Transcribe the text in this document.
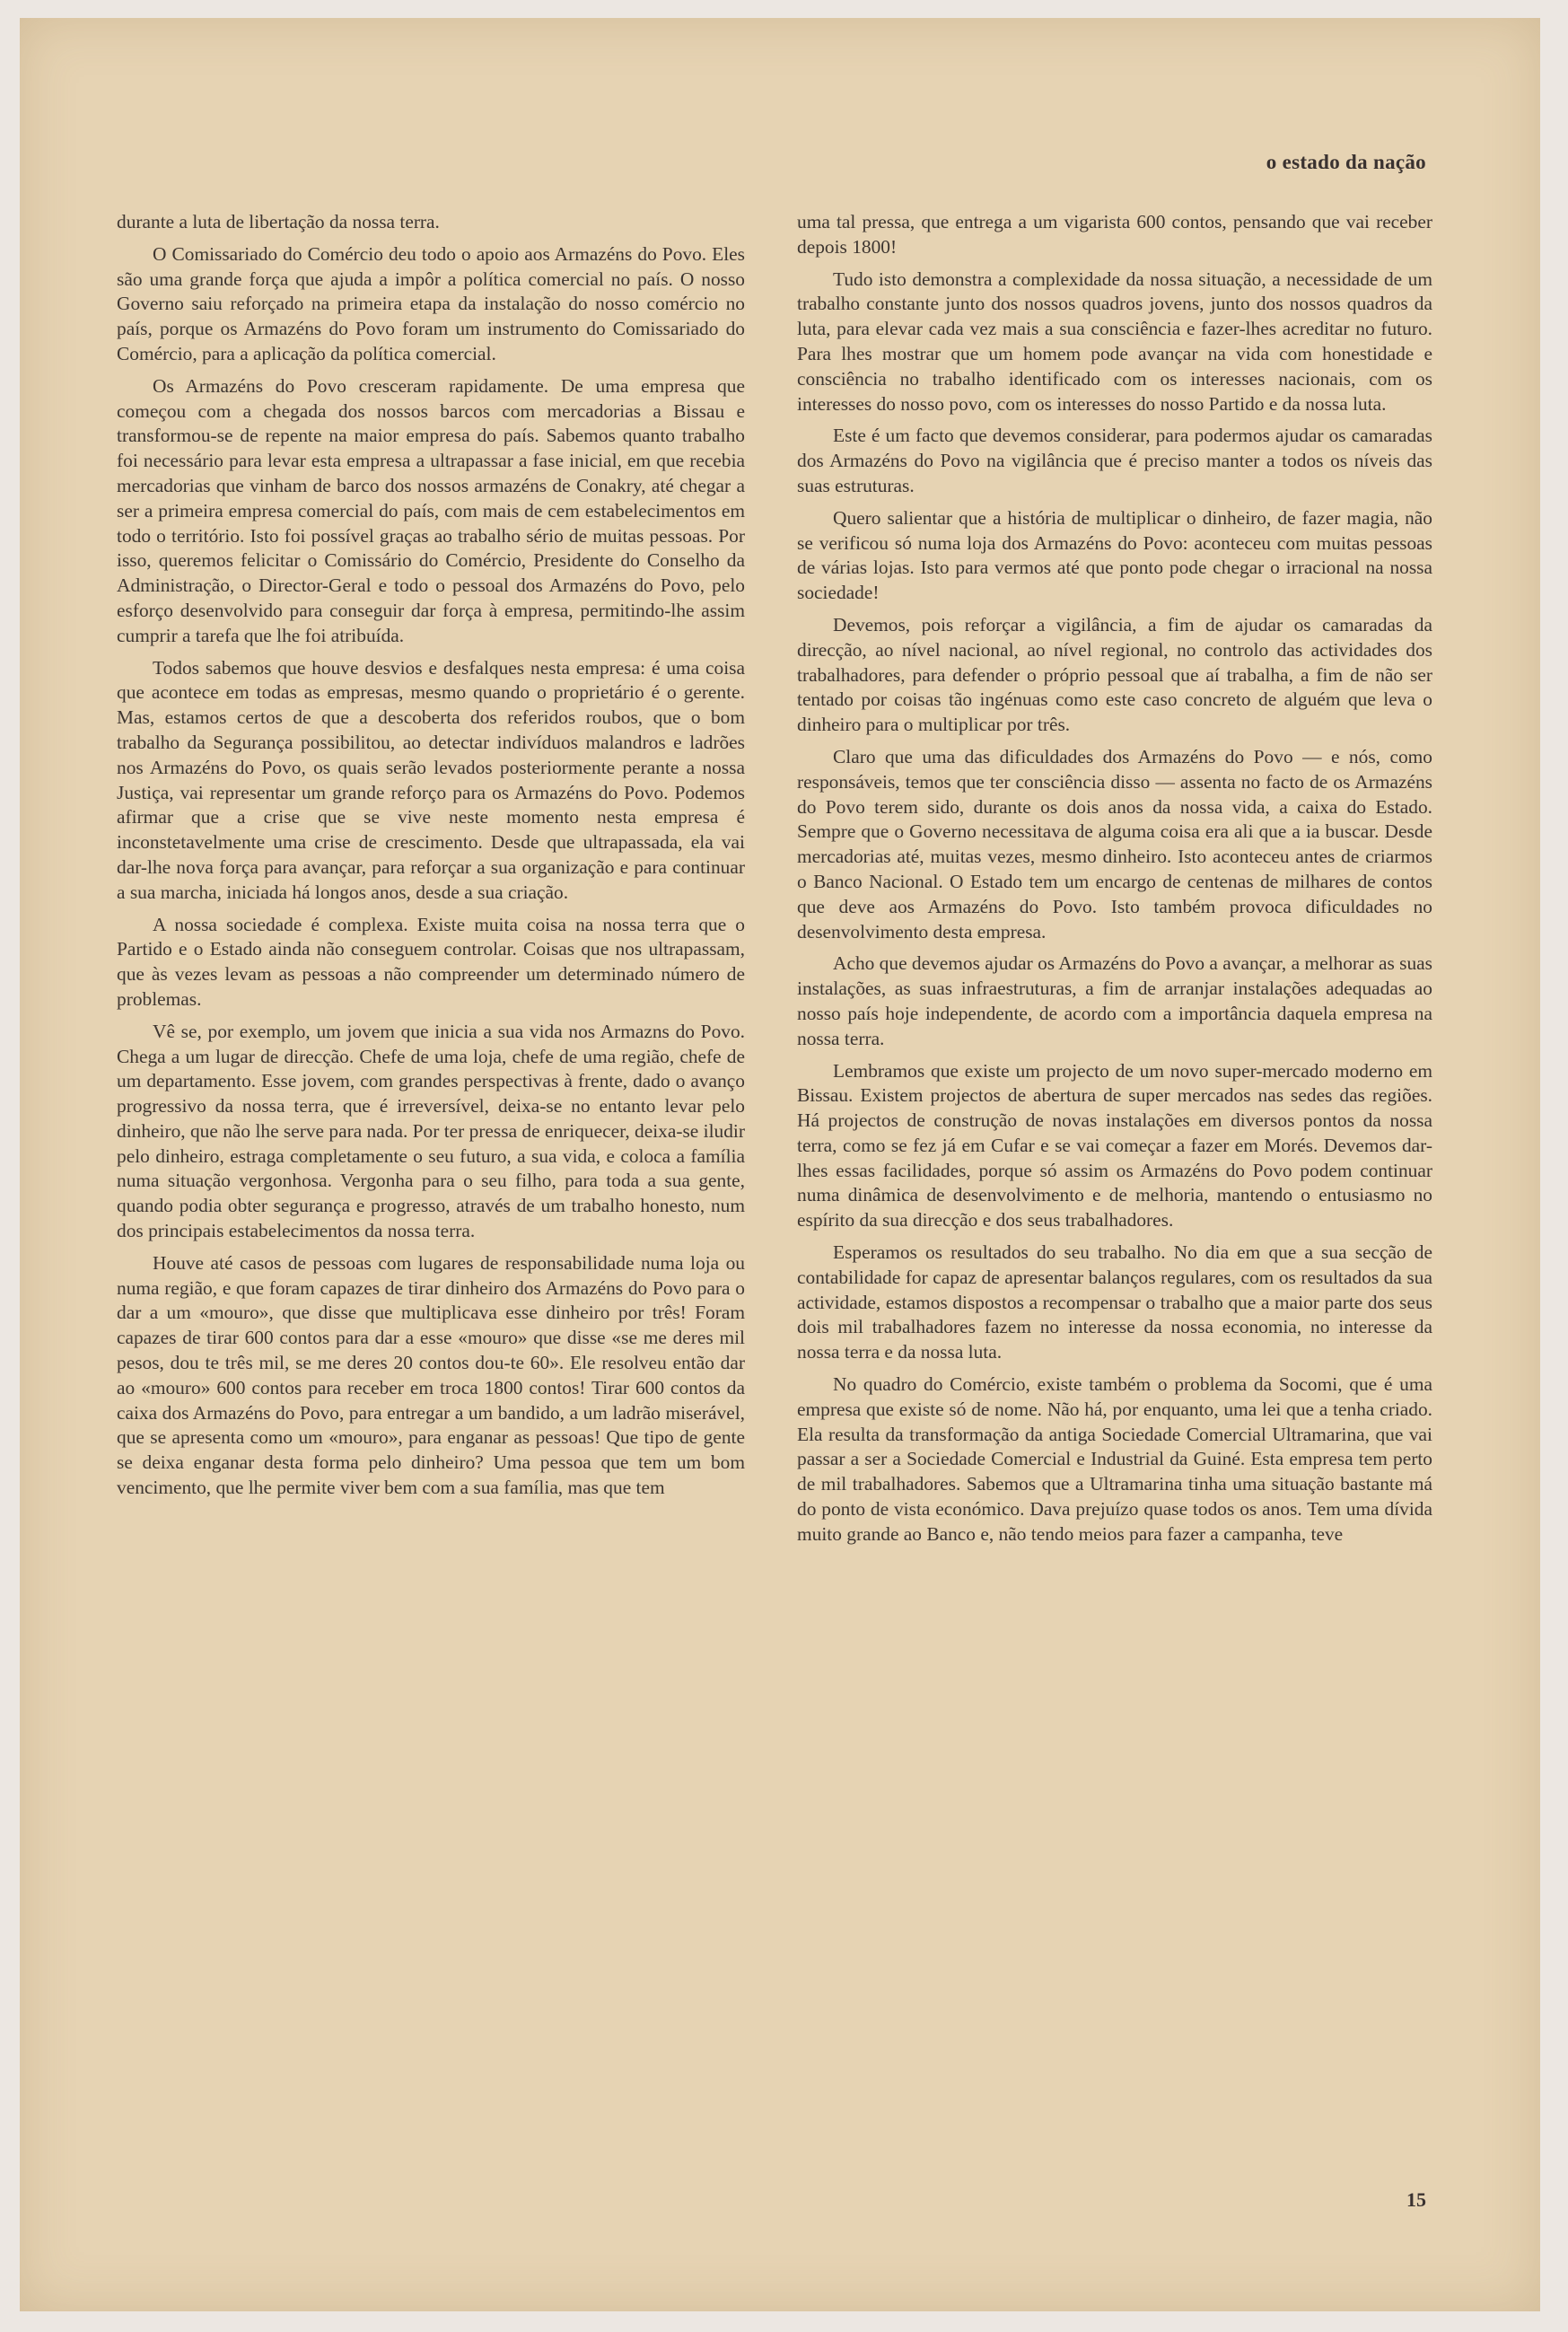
o estado da nação

durante a luta de libertação da nossa terra.

O Comissariado do Comércio deu todo o apoio aos Armazéns do Povo. Eles são uma grande força que ajuda a impôr a política comercial no país. O nosso Governo saiu reforçado na primeira etapa da instalação do nosso comércio no país, porque os Armazéns do Povo foram um instrumento do Comissariado do Comércio, para a aplicação da política comercial.

Os Armazéns do Povo cresceram rapidamente. De uma empresa que começou com a chegada dos nossos barcos com mercadorias a Bissau e transformou-se de repente na maior empresa do país. Sabemos quanto trabalho foi necessário para levar esta empresa a ultrapassar a fase inicial, em que recebia mercadorias que vinham de barco dos nossos armazéns de Conakry, até chegar a ser a primeira empresa comercial do país, com mais de cem estabelecimentos em todo o território. Isto foi possível graças ao trabalho sério de muitas pessoas. Por isso, queremos felicitar o Comissário do Comércio, Presidente do Conselho da Administração, o Director-Geral e todo o pessoal dos Armazéns do Povo, pelo esforço desenvolvido para conseguir dar força à empresa, permitindo-lhe assim cumprir a tarefa que lhe foi atribuída.

Todos sabemos que houve desvios e desfalques nesta empresa: é uma coisa que acontece em todas as empresas, mesmo quando o proprietário é o gerente. Mas, estamos certos de que a descoberta dos referidos roubos, que o bom trabalho da Segurança possibilitou, ao detectar indivíduos malandros e ladrões nos Armazéns do Povo, os quais serão levados posteriormente perante a nossa Justiça, vai representar um grande reforço para os Armazéns do Povo. Podemos afirmar que a crise que se vive neste momento nesta empresa é inconstetavelmente uma crise de crescimento. Desde que ultrapassada, ela vai dar-lhe nova força para avançar, para reforçar a sua organização e para continuar a sua marcha, iniciada há longos anos, desde a sua criação.

A nossa sociedade é complexa. Existe muita coisa na nossa terra que o Partido e o Estado ainda não conseguem controlar. Coisas que nos ultrapassam, que às vezes levam as pessoas a não compreender um determinado número de problemas.

Vê se, por exemplo, um jovem que inicia a sua vida nos Armazns do Povo. Chega a um lugar de direcção. Chefe de uma loja, chefe de uma região, chefe de um departamento. Esse jovem, com grandes perspectivas à frente, dado o avanço progressivo da nossa terra, que é irreversível, deixa-se no entanto levar pelo dinheiro, que não lhe serve para nada. Por ter pressa de enriquecer, deixa-se iludir pelo dinheiro, estraga completamente o seu futuro, a sua vida, e coloca a família numa situação vergonhosa. Vergonha para o seu filho, para toda a sua gente, quando podia obter segurança e progresso, através de um trabalho honesto, num dos principais estabelecimentos da nossa terra.

Houve até casos de pessoas com lugares de responsabilidade numa loja ou numa região, e que foram capazes de tirar dinheiro dos Armazéns do Povo para o dar a um «mouro», que disse que multiplicava esse dinheiro por três! Foram capazes de tirar 600 contos para dar a esse «mouro» que disse «se me deres mil pesos, dou te três mil, se me deres 20 contos dou-te 60». Ele resolveu então dar ao «mouro» 600 contos para receber em troca 1800 contos! Tirar 600 contos da caixa dos Armazéns do Povo, para entregar a um bandido, a um ladrão miserável, que se apresenta como um «mouro», para enganar as pessoas! Que tipo de gente se deixa enganar desta forma pelo dinheiro? Uma pessoa que tem um bom vencimento, que lhe permite viver bem com a sua família, mas que tem

uma tal pressa, que entrega a um vigarista 600 contos, pensando que vai receber depois 1800!

Tudo isto demonstra a complexidade da nossa situação, a necessidade de um trabalho constante junto dos nossos quadros jovens, junto dos nossos quadros da luta, para elevar cada vez mais a sua consciência e fazer-lhes acreditar no futuro. Para lhes mostrar que um homem pode avançar na vida com honestidade e consciência no trabalho identificado com os interesses nacionais, com os interesses do nosso povo, com os interesses do nosso Partido e da nossa luta.

Este é um facto que devemos considerar, para podermos ajudar os camaradas dos Armazéns do Povo na vigilância que é preciso manter a todos os níveis das suas estruturas.

Quero salientar que a história de multiplicar o dinheiro, de fazer magia, não se verificou só numa loja dos Armazéns do Povo: aconteceu com muitas pessoas de várias lojas. Isto para vermos até que ponto pode chegar o irracional na nossa sociedade!

Devemos, pois reforçar a vigilância, a fim de ajudar os camaradas da direcção, ao nível nacional, ao nível regional, no controlo das actividades dos trabalhadores, para defender o próprio pessoal que aí trabalha, a fim de não ser tentado por coisas tão ingénuas como este caso concreto de alguém que leva o dinheiro para o multiplicar por três.

Claro que uma das dificuldades dos Armazéns do Povo — e nós, como responsáveis, temos que ter consciência disso — assenta no facto de os Armazéns do Povo terem sido, durante os dois anos da nossa vida, a caixa do Estado. Sempre que o Governo necessitava de alguma coisa era ali que a ia buscar. Desde mercadorias até, muitas vezes, mesmo dinheiro. Isto aconteceu antes de criarmos o Banco Nacional. O Estado tem um encargo de centenas de milhares de contos que deve aos Armazéns do Povo. Isto também provoca dificuldades no desenvolvimento desta empresa.

Acho que devemos ajudar os Armazéns do Povo a avançar, a melhorar as suas instalações, as suas infraestruturas, a fim de arranjar instalações adequadas ao nosso país hoje independente, de acordo com a importância daquela empresa na nossa terra.

Lembramos que existe um projecto de um novo super-mercado moderno em Bissau. Existem projectos de abertura de super mercados nas sedes das regiões. Há projectos de construção de novas instalações em diversos pontos da nossa terra, como se fez já em Cufar e se vai começar a fazer em Morés. Devemos dar-lhes essas facilidades, porque só assim os Armazéns do Povo podem continuar numa dinâmica de desenvolvimento e de melhoria, mantendo o entusiasmo no espírito da sua direcção e dos seus trabalhadores.

Esperamos os resultados do seu trabalho. No dia em que a sua secção de contabilidade for capaz de apresentar balanços regulares, com os resultados da sua actividade, estamos dispostos a recompensar o trabalho que a maior parte dos seus dois mil trabalhadores fazem no interesse da nossa economia, no interesse da nossa terra e da nossa luta.

No quadro do Comércio, existe também o problema da Socomi, que é uma empresa que existe só de nome. Não há, por enquanto, uma lei que a tenha criado. Ela resulta da transformação da antiga Sociedade Comercial Ultramarina, que vai passar a ser a Sociedade Comercial e Industrial da Guiné. Esta empresa tem perto de mil trabalhadores. Sabemos que a Ultramarina tinha uma situação bastante má do ponto de vista económico. Dava prejuízo quase todos os anos. Tem uma dívida muito grande ao Banco e, não tendo meios para fazer a campanha, teve

15
